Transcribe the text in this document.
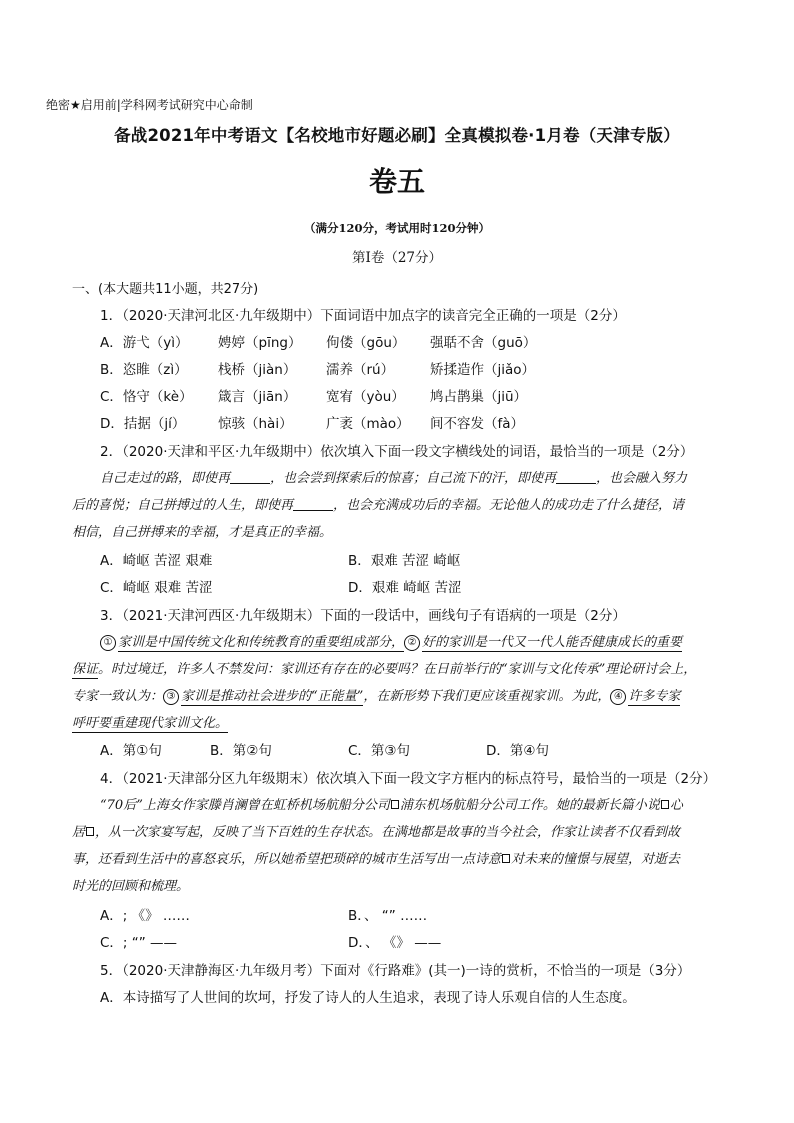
绝密★启用前|学科网考试研究中心命制
备战2021年中考语文【名校地市好题必刷】全真模拟卷·1月卷（天津专版）
卷五
（满分120分，考试用时120分钟）
第Ⅰ卷（27分）
一、(本大题共11小题，共27分)
1．（2020·天津河北区·九年级期中）下面词语中加点字的读音完全正确的一项是（2分）
A．游弋（yì） 娉婷（pīng） 佝偻（gōu） 强聒不舍（guō）
B．恣睢（zì） 栈桥（jiàn） 濡养（rú）	矫揉造作（jiǎo）
C．恪守（kè） 箴言（jiān） 宽宥（yòu） 鸠占鹊巢（jiū）
D．拮据（jí） 惊骇（hài） 广袤（mào） 间不容发（fà）
2．（2020·天津和平区·九年级期中）依次填入下面一段文字横线处的词语，最恰当的一项是（2分）
自己走过的路，即使再	，也会尝到探索后的惊喜；自己流下的汗，即使再	，也会融入努力
后的喜悦；自己拼搏过的人生，即使再	，也会充满成功后的幸福。无论他人的成功走了什么捷径，请
相信，自己拼搏来的幸福，才是真正的幸福。
A．崎岖 苦涩 艰难	B．艰难 苦涩 崎岖
C．崎岖 艰难 苦涩	D．艰难 崎岖 苦涩
3．（2021·天津河西区·九年级期末）下面的一段话中，画线句子有语病的一项是（2分）
① 家训是中国传统文化和传统教育的重要组成部分， ② 好的家训是一代又一代人能否健康成长的重要
保证。时过境迁，许多人不禁发问：家训还有存在的必要吗？在日前举行的“家训与文化传承”理论研讨会上，
专家一致认为： ③ 家训是推动社会进步的“正能量”，在新形势下我们更应该重视家训。为此， ④ 许多专家
呼吁要重建现代家训文化。
A．第①句	B．第②句	C．第③句	D．第④句
4．（2021·天津部分区九年级期末）依次填入下面一段文字方框内的标点符号，最恰当的一项是（2分）
“70后”上海女作家滕肖澜曾在虹桥机场航船分公司 浦东机场航船分公司工作。她的最新长篇小说 心
居 ，从一次家宴写起，反映了当下百姓的生存状态。在满地都是故事的当今社会，作家让读者不仅看到故
事，还看到生活中的喜怒哀乐，所以她希望把琐碎的城市生活写出一点诗意 对未来的憧憬与展望，对逝去
时光的回顾和梳理。
A．; 《》 ……	B．、 “” ……
C．; “” ——	D．、 《》 ——
5．（2020·天津静海区·九年级月考）下面对《行路难》(其一)一诗的赏析，不恰当的一项是（3分）
A．本诗描写了人世间的坎坷，抒发了诗人的人生追求，表现了诗人乐观自信的人生态度。
